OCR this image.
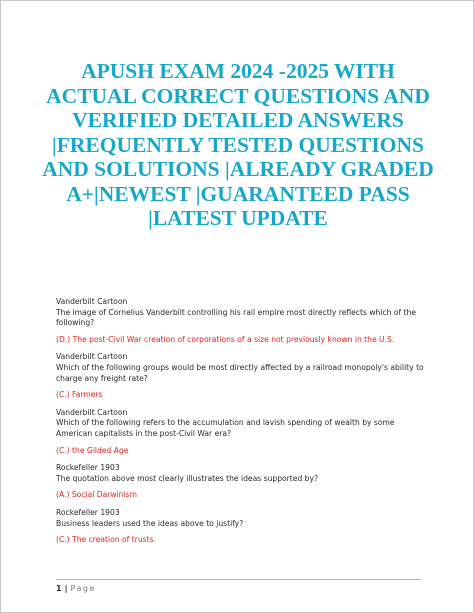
APUSH EXAM 2024 -2025 WITH ACTUAL CORRECT QUESTIONS AND VERIFIED DETAILED ANSWERS |FREQUENTLY TESTED QUESTIONS AND SOLUTIONS |ALREADY GRADED A+|NEWEST |GUARANTEED PASS |LATEST UPDATE

Vanderbilt Cartoon

The image of Cornelius Vanderbilt controlling his rail empire most directly reflects which of the following?

(D.) The post-Civil War creation of corporations of a size not previously known in the U.S.

Vanderbilt Cartoon

Which of the following groups would be most directly affected by a railroad monopoly's ability to charge any freight rate?

(C.) Farmers

Vanderbilt Cartoon

Which of the following refers to the accumulation and lavish spending of wealth by some American capitalists in the post-Civil War era?

(C.) the Gilded Age

Rockefeller 1903

The quotation above most clearly illustrates the ideas supported by?

(A.) Social Darwinism

Rockefeller 1903

Business leaders used the ideas above to justify?

(C.) The creation of trusts.

1 | Page
